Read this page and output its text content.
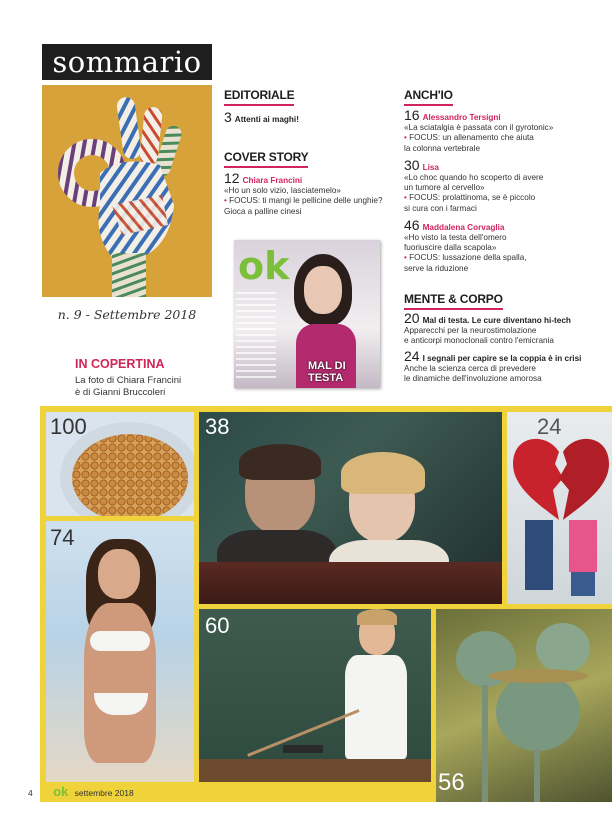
sommario
n. 9 - Settembre 2018
IN COPERTINA
La foto di Chiara Francini
è di Gianni Bruccoleri
EDITORIALE
3 Attenti ai maghi!
COVER STORY
12 Chiara Francini
«Ho un solo vizio, lasciatemelo»
• FOCUS: ti mangi le pellicine delle unghie?
Gioca a palline cinesi
ok
MAL DI TESTA
ANCH'IO
16 Alessandro Tersigni
«La sciatalgia è passata con il gyrotonic»
• FOCUS: un allenamento che aiuta
la colonna vertebrale
30 Lisa
«Lo choc quando ho scoperto di avere
un tumore al cervello»
• FOCUS: prolattinoma, se è piccolo
si cura con i farmaci
46 Maddalena Corvaglia
«Ho visto la testa dell'omero
fuoriuscire dalla scapola»
• FOCUS: lussazione della spalla,
serve la riduzione
MENTE & CORPO
20 Mal di testa. Le cure diventano hi-tech
Apparecchi per la neurostimolazione
e anticorpi monoclonali contro l'emicrania
24 I segnali per capire se la coppia è in crisi
Anche la scienza cerca di prevedere
le dinamiche dell'involuzione amorosa
100	38	24
74
60
56
4 ok settembre 2018
